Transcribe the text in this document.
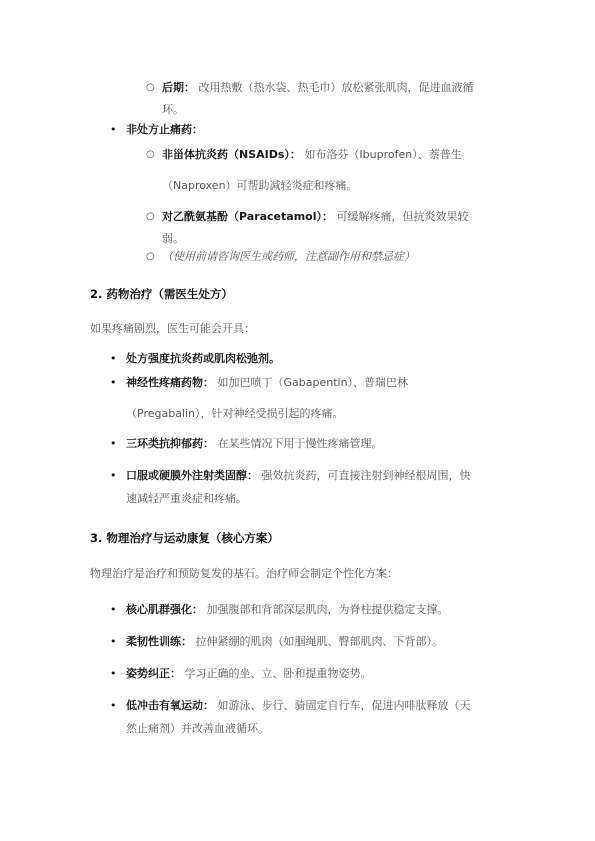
○ 后期： 改用热敷（热水袋、热毛巾）放松紧张肌肉，促进血液循
环。
• 非处方止痛药：
○ 非甾体抗炎药（NSAIDs）： 如布洛芬（Ibuprofen）、萘普生
（Naproxen）可帮助减轻炎症和疼痛。
○ 对乙酰氨基酚（Paracetamol）： 可缓解疼痛，但抗炎效果较
弱。
○ （使用前请咨询医生或药师，注意副作用和禁忌症）
2. 药物治疗（需医生处方）
如果疼痛剧烈，医生可能会开具：
• 处方强度抗炎药或肌肉松弛剂。
• 神经性疼痛药物： 如加巴喷丁（Gabapentin）、普瑞巴林
（Pregabalin），针对神经受损引起的疼痛。
• 三环类抗抑郁药： 在某些情况下用于慢性疼痛管理。
• 口服或硬膜外注射类固醇： 强效抗炎药，可直接注射到神经根周围，快
速减轻严重炎症和疼痛。
3. 物理治疗与运动康复（核心方案）
物理治疗是治疗和预防复发的基石。治疗师会制定个性化方案：
• 核心肌群强化： 加强腹部和背部深层肌肉，为脊柱提供稳定支撑。
• 柔韧性训练： 拉伸紧绷的肌肉（如腘绳肌、臀部肌肉、下背部）。
• 姿势纠正： 学习正确的坐、立、卧和提重物姿势。
• 低冲击有氧运动： 如游泳、步行、骑固定自行车，促进内啡肽释放（天
然止痛剂）并改善血液循环。
